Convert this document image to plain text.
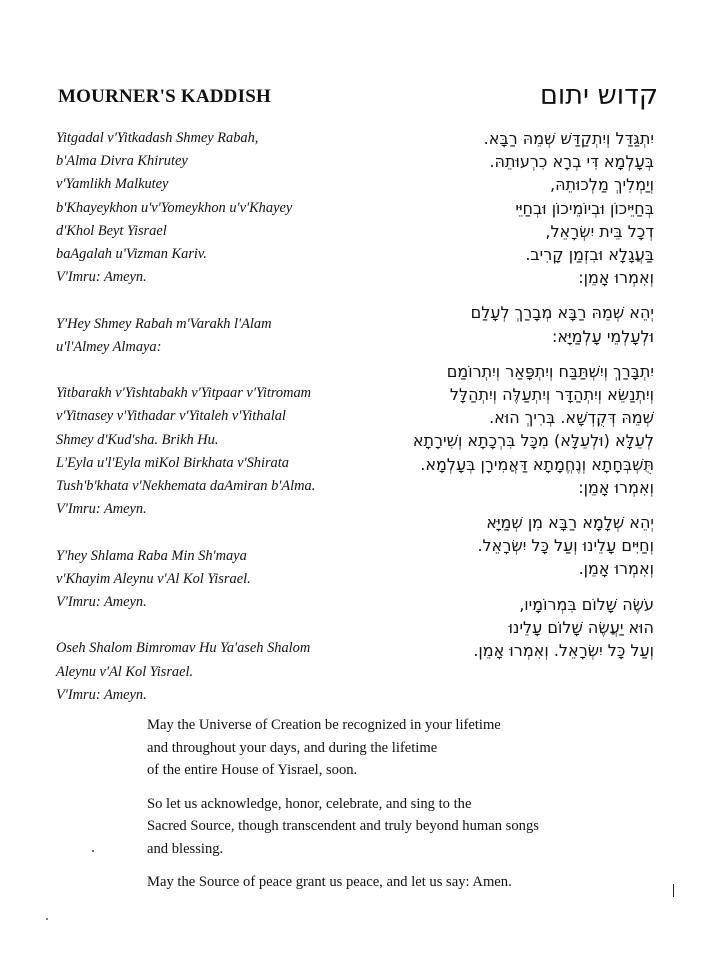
MOURNER'S KADDISH	קדוש יתום
Yitgadal v'Yitkadash Shmey Rabah,
b'Alma Divra Khirutey
v'Yamlikh Malkutey
b'Khayeykhon u'v'Yomeykhon u'v'Khayey
d'Khol Beyt Yisrael
baAgalah u'Vizman Kariv.
V'Imru: Ameyn.
Y'Hey Shmey Rabah m'Varakh l'Alam
u'l'Almey Almaya:
Yitbarakh v'Yishtabakh v'Yitpaar v'Yitromam
v'Yitnasey v'Yithadar v'Yitaleh v'Yithalal
Shmey d'Kud'sha. Brikh Hu.
L'Eyla u'l'Eyla miKol Birkhata v'Shirata
Tush'b'khata v'Nekhemata daAmiran b'Alma.
V'Imru: Ameyn.
Y'hey Shlama Raba Min Sh'maya
v'Khayim Aleynu v'Al Kol Yisrael.
V'Imru: Ameyn.
Oseh Shalom Bimromav Hu Ya'aseh Shalom
Aleynu v'Al Kol Yisrael.
V'Imru: Ameyn.
יִתְגַּדַּל וְיִתְקַדַּשׁ שְׁמֵהּ רַבָּא.
בְּעָלְמָא דִּי בְרָא כִרְעוּתֵהּ.
וְיַמְלִיךְ מַלְכוּתֵהּ,
בְּחַיֵּיכוֹן וּבְיוֹמֵיכוֹן וּבְחַיֵּי
דְכָל בֵּית יִשְׂרָאֵל,
בַּעֲגָלָא וּבִזְמַן קָרִיב.
וְאִמְרוּ אָמֵן:
יְהֵא שְׁמֵהּ רַבָּא מְבָרַךְ לְעָלַם
וּלְעָלְמֵי עָלְמַיָּא:
יִתְבָּרַךְ וְיִשְׁתַּבַּח וְיִתְפָּאַר וְיִתְרוֹמַם
וְיִתְנַשֵּׂא וְיִתְהַדָּר וְיִתְעַלֶּה וְיִתְהַלָּל
שְׁמֵהּ דְּקֻדְשָׁא. בְּרִיךְ הוּא.
לְעֵלָּא (וּלְעֵלָּא) מִכָּל בִּרְכָתָא וְשִׁירָתָא
תֻּשְׁבְּחָתָא וְנֶחֱמָתָא דַּאֲמִירָן בְּעָלְמָא.
וְאִמְרוּ אָמֵן:
יְהֵא שְׁלָמָא רַבָּא מִן שְׁמַיָּא
וְחַיִּים עָלֵינוּ וְעַל כָּל יִשְׂרָאֵל.
וְאִמְרוּ אָמֵן.
עֹשֶׂה שָׁלוֹם בִּמְרוֹמָיו,
הוּא יַעֲשֶׂה שָׁלוֹם עָלֵינוּ
וְעַל כָּל יִשְׂרָאֵל. וְאִמְרוּ אָמֵן.
May the Universe of Creation be recognized in your lifetime
and throughout your days, and during the lifetime
of the entire House of Yisrael, soon.
So let us acknowledge, honor, celebrate, and sing to the
Sacred Source, though transcendent and truly beyond human songs
and blessing.
May the Source of peace grant us peace, and let us say: Amen.
